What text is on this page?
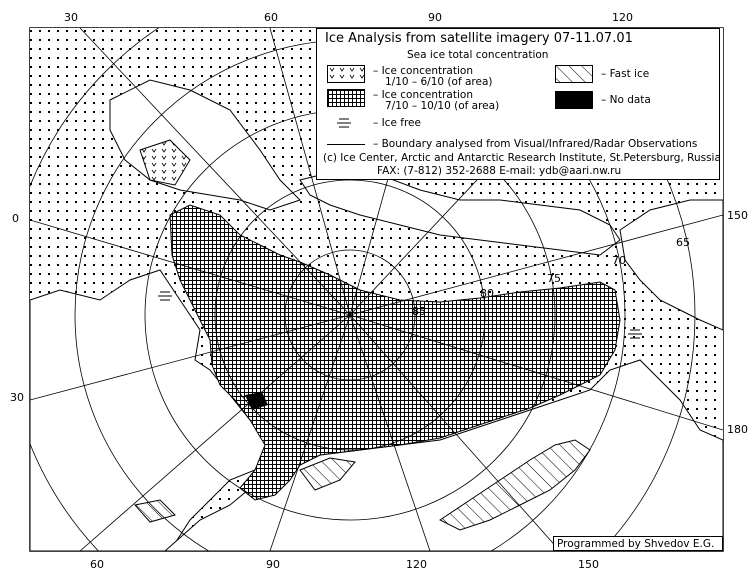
85
80
75
70
65
30	60	90	120
60	90	120	150
0
30
150
180
Ice Analysis from satellite imagery 07-11.07.01
Sea ice total concentration
– Ice concentration
1/10 – 6/10 (of area)
– Ice concentration
7/10 – 10/10 (of area)
– Ice free
– Fast ice
– No data
– Boundary analysed from Visual/Infrared/Radar Observations
(c) Ice Center, Arctic and Antarctic Research Institute, St.Petersburg, Russia
FAX: (7-812) 352-2688 E-mail: ydb@aari.nw.ru
Programmed by Shvedov E.G.
